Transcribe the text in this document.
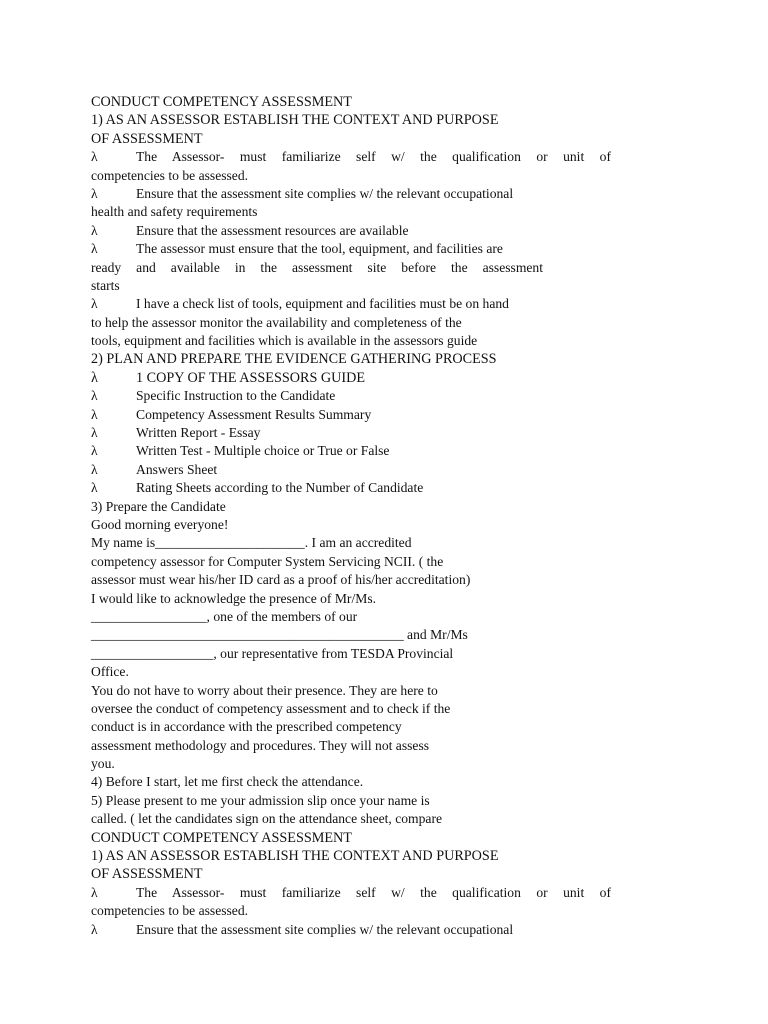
CONDUCT COMPETENCY ASSESSMENT
1) AS AN ASSESSOR ESTABLISH THE CONTEXT AND PURPOSE
OF ASSESSMENT
λ	The Assessor- must familiarize self w/ the qualification or unit of
competencies to be assessed.
λ	Ensure that the assessment site complies w/ the relevant occupational
health and safety requirements
λ	Ensure that the assessment resources are available
λ	The assessor must ensure that the tool, equipment, and facilities are
ready and available in the assessment site before the assessment
starts
λ	I have a check list of tools, equipment and facilities must be on hand
to help the assessor monitor the availability and completeness of the
tools, equipment and facilities which is available in the assessors guide
2) PLAN AND PREPARE THE EVIDENCE GATHERING PROCESS
λ	1 COPY OF THE ASSESSORS GUIDE
λ	Specific Instruction to the Candidate
λ	Competency Assessment Results Summary
λ	Written Report - Essay
λ	Written Test - Multiple choice or True or False
λ	Answers Sheet
λ	Rating Sheets according to the Number of Candidate
3) Prepare the Candidate
Good morning everyone!
My name is______________________. I am an accredited
competency assessor for Computer System Servicing NCII. ( the
assessor must wear his/her ID card as a proof of his/her accreditation)
I would like to acknowledge the presence of Mr/Ms.
_________________, one of the members of our
______________________________________________ and Mr/Ms
__________________, our representative from TESDA Provincial
Office.
You do not have to worry about their presence. They are here to
oversee the conduct of competency assessment and to check if the
conduct is in accordance with the prescribed competency
assessment methodology and procedures. They will not assess
you.
4) Before I start, let me first check the attendance.
5) Please present to me your admission slip once your name is
called. ( let the candidates sign on the attendance sheet, compare
CONDUCT COMPETENCY ASSESSMENT
1) AS AN ASSESSOR ESTABLISH THE CONTEXT AND PURPOSE
OF ASSESSMENT
λ	The Assessor- must familiarize self w/ the qualification or unit of
competencies to be assessed.
λ	Ensure that the assessment site complies w/ the relevant occupational
